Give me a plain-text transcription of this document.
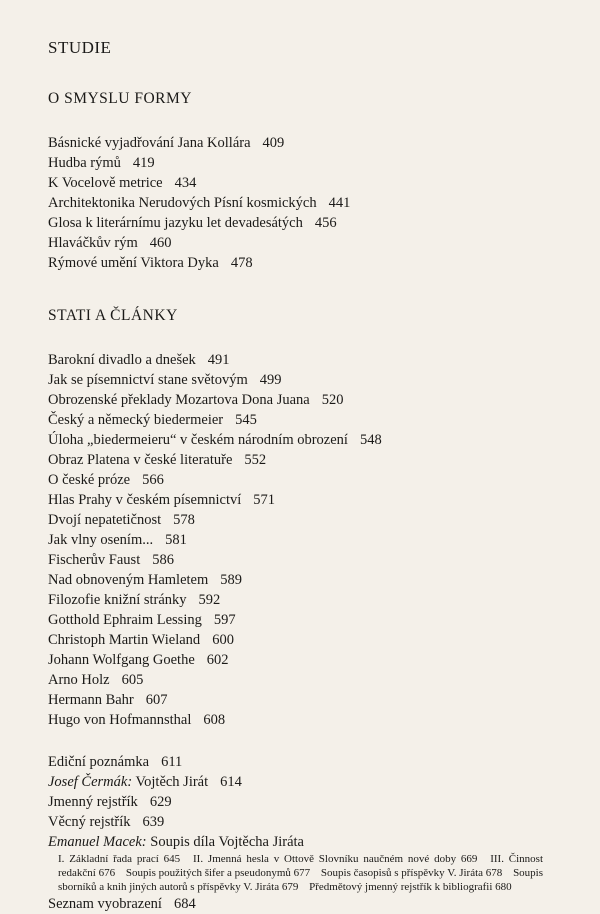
STUDIE
O SMYSLU FORMY
Básnické vyjadřování Jana Kollára 409
Hudba rýmů 419
K Vocelově metrice 434
Architektonika Nerudových Písní kosmických 441
Glosa k literárnímu jazyku let devadesátých 456
Hlaváčkův rým 460
Rýmové umění Viktora Dyka 478
STATI A ČLÁNKY
Barokní divadlo a dnešek 491
Jak se písemnictví stane světovým 499
Obrozenské překlady Mozartova Dona Juana 520
Český a německý biedermeier 545
Úloha „biedermeieru“ v českém národním obrození 548
Obraz Platena v české literatuře 552
O české próze 566
Hlas Prahy v českém písemnictví 571
Dvojí nepatetičnost 578
Jak vlny osením... 581
Fischerův Faust 586
Nad obnoveným Hamletem 589
Filozofie knižní stránky 592
Gotthold Ephraim Lessing 597
Christoph Martin Wieland 600
Johann Wolfgang Goethe 602
Arno Holz 605
Hermann Bahr 607
Hugo von Hofmannsthal 608
Ediční poznámka 611
Josef Čermák: Vojtěch Jirát 614
Jmenný rejstřík 629
Věcný rejstřík 639
Emanuel Macek: Soupis díla Vojtěcha Jiráta

I. Základní řada prací 645 II. Jmenná hesla v Ottově Slovníku naučném nové doby 669 III. Činnost redakční 676 Soupis použitých šifer a pseudonymů 677 Soupis časopisů s příspěvky V. Jiráta 678 Soupis sborníků a knih jiných autorů s příspěvky V. Jiráta 679 Předmětový jmenný rejstřík k bibliografii 680

Seznam vyobrazení 684
